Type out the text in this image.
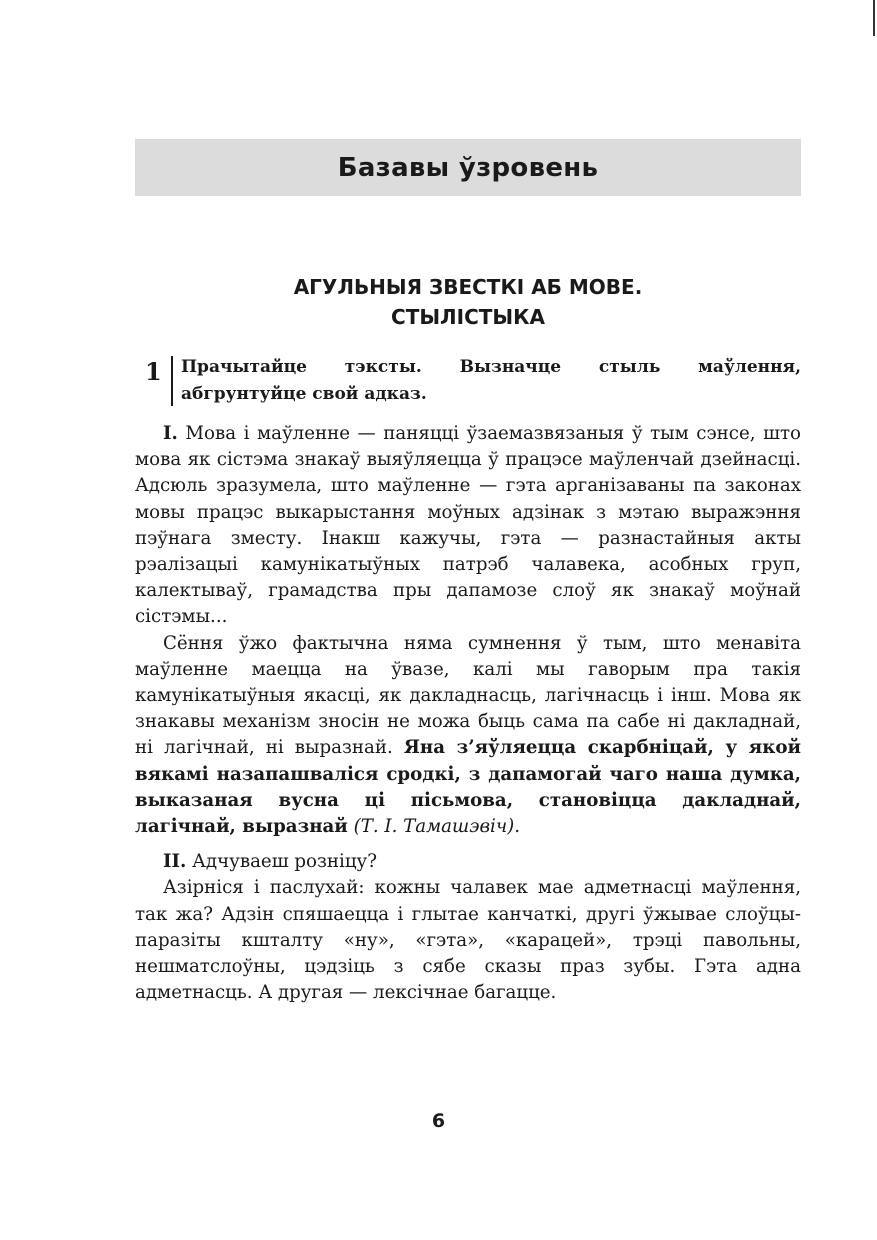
Базавы ўзровень
АГУЛЬНЫЯ ЗВЕСТКІ АБ МОВЕ.
СТЫЛІСТЫКА
1 Прачытайце тэксты. Вызначце стыль маўлення, абгрунтуйце свой адказ.

І. Мова і маўленне — паняцці ўзаемазвязаныя ў тым сэнсе, што мова як сістэма знакаў выяўляецца ў працэсе маўленчай дзейнасці. Адсюль зразумела, што маўленне — гэта арганізаваны па законах мовы працэс выкарыстання моўных адзінак з мэтаю выражэння пэўнага зместу. Інакш кажучы, гэта — разнастайныя акты рэалізацыі камунікатыўных патрэб чалавека, асобных груп, калектываў, грамадства пры дапамозе слоў як знакаў моўнай сістэмы...

Сёння ўжо фактычна няма сумнення ў тым, што менавіта маўленне маецца на ўвазе, калі мы гаворым пра такія камунікатыўныя якасці, як дакладнасць, лагічнасць і інш. Мова як знакавы механізм зносін не можа быць сама па сабе ні дакладнай, ні лагічнай, ні выразнай. Яна з’яўляецца скарбніцай, у якой вякамі назапашваліся сродкі, з дапамогай чаго наша думка, выказаная вусна ці пісьмова, становіцца дакладнай, лагічнай, выразнай (Т. І. Тамашэвіч).

ІІ. Адчуваеш розніцу?

Азірніся і паслухай: кожны чалавек мае адметнасці маўлення, так жа? Адзін спяшаецца і глытае канчаткі, другі ўжывае слоўцы-паразіты кшталту «ну», «гэта», «карацей», трэці павольны, нешматслоўны, цэдзіць з сябе сказы праз зубы. Гэта адна адметнасць. А другая — лексічнае багацце.

6
